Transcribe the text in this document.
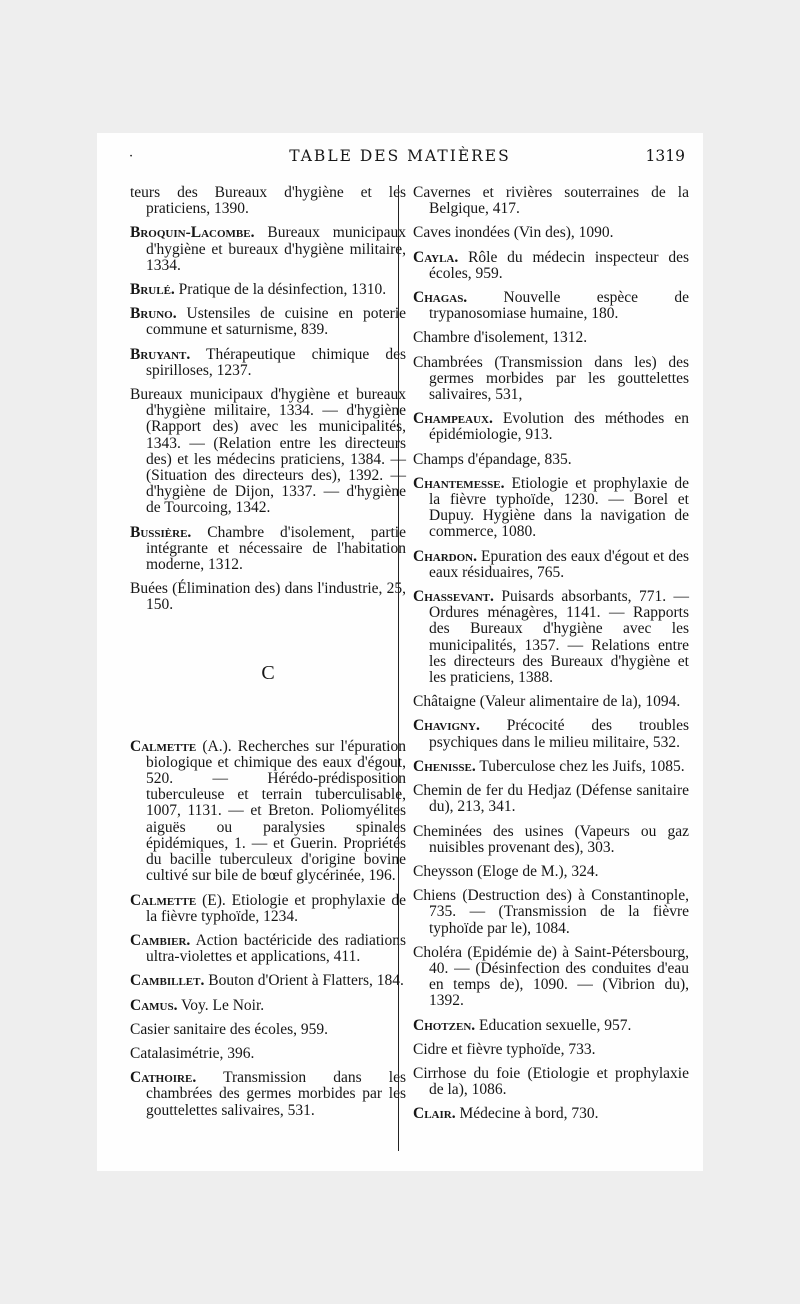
·	TABLE DES MATIÈRES	1319
teurs des Bureaux d'hygiène et les praticiens, 1390.
Broquin-Lacombe. Bureaux municipaux d'hygiène et bureaux d'hygiène militaire, 1334.
Brulé. Pratique de la désinfection, 1310.
Bruno. Ustensiles de cuisine en poterie commune et saturnisme, 839.
Bruyant. Thérapeutique chimique des spirilloses, 1237.
Bureaux municipaux d'hygiène et bureaux d'hygiène militaire, 1334. — d'hygiène (Rapport des) avec les municipalités, 1343. — (Relation entre les directeurs des) et les médecins praticiens, 1384. — (Situation des directeurs des), 1392. — d'hygiène de Dijon, 1337. — d'hygiène de Tourcoing, 1342.
Bussière. Chambre d'isolement, partie intégrante et nécessaire de l'habitation moderne, 1312.
Buées (Élimination des) dans l'industrie, 25, 150.
C
Calmette (A.). Recherches sur l'épuration biologique et chimique des eaux d'égout, 520. — Hérédo-prédisposition tuberculeuse et terrain tuberculisable, 1007, 1131. — et Breton. Poliomyélites aiguës ou paralysies spinales épidémiques, 1. — et Guerin. Propriétés du bacille tuberculeux d'origine bovine cultivé sur bile de bœuf glycérinée, 196.
Calmette (E). Etiologie et prophylaxie de la fièvre typhoïde, 1234.
Cambier. Action bactéricide des radiations ultra-violettes et applications, 411.
Cambillet. Bouton d'Orient à Flatters, 184.
Camus. Voy. Le Noir.
Casier sanitaire des écoles, 959.
Catalasimétrie, 396.
Cathoire. Transmission dans les chambrées des germes morbides par les gouttelettes salivaires, 531.
Cavernes et rivières souterraines de la Belgique, 417.
Caves inondées (Vin des), 1090.
Cayla. Rôle du médecin inspecteur des écoles, 959.
Chagas. Nouvelle espèce de trypanosomiase humaine, 180.
Chambre d'isolement, 1312.
Chambrées (Transmission dans les) des germes morbides par les gouttelettes salivaires, 531,
Champeaux. Evolution des méthodes en épidémiologie, 913.
Champs d'épandage, 835.
Chantemesse. Etiologie et prophylaxie de la fièvre typhoïde, 1230. — Borel et Dupuy. Hygiène dans la navigation de commerce, 1080.
Chardon. Epuration des eaux d'égout et des eaux résiduaires, 765.
Chassevant. Puisards absorbants, 771. — Ordures ménagères, 1141. — Rapports des Bureaux d'hygiène avec les municipalités, 1357. — Relations entre les directeurs des Bureaux d'hygiène et les praticiens, 1388.
Châtaigne (Valeur alimentaire de la), 1094.
Chavigny. Précocité des troubles psychiques dans le milieu militaire, 532.
Chenisse. Tuberculose chez les Juifs, 1085.
Chemin de fer du Hedjaz (Défense sanitaire du), 213, 341.
Cheminées des usines (Vapeurs ou gaz nuisibles provenant des), 303.
Cheysson (Eloge de M.), 324.
Chiens (Destruction des) à Constantinople, 735. — (Transmission de la fièvre typhoïde par le), 1084.
Choléra (Epidémie de) à Saint-Pétersbourg, 40. — (Désinfection des conduites d'eau en temps de), 1090. — (Vibrion du), 1392.
Chotzen. Education sexuelle, 957.
Cidre et fièvre typhoïde, 733.
Cirrhose du foie (Etiologie et prophylaxie de la), 1086.
Clair. Médecine à bord, 730.
